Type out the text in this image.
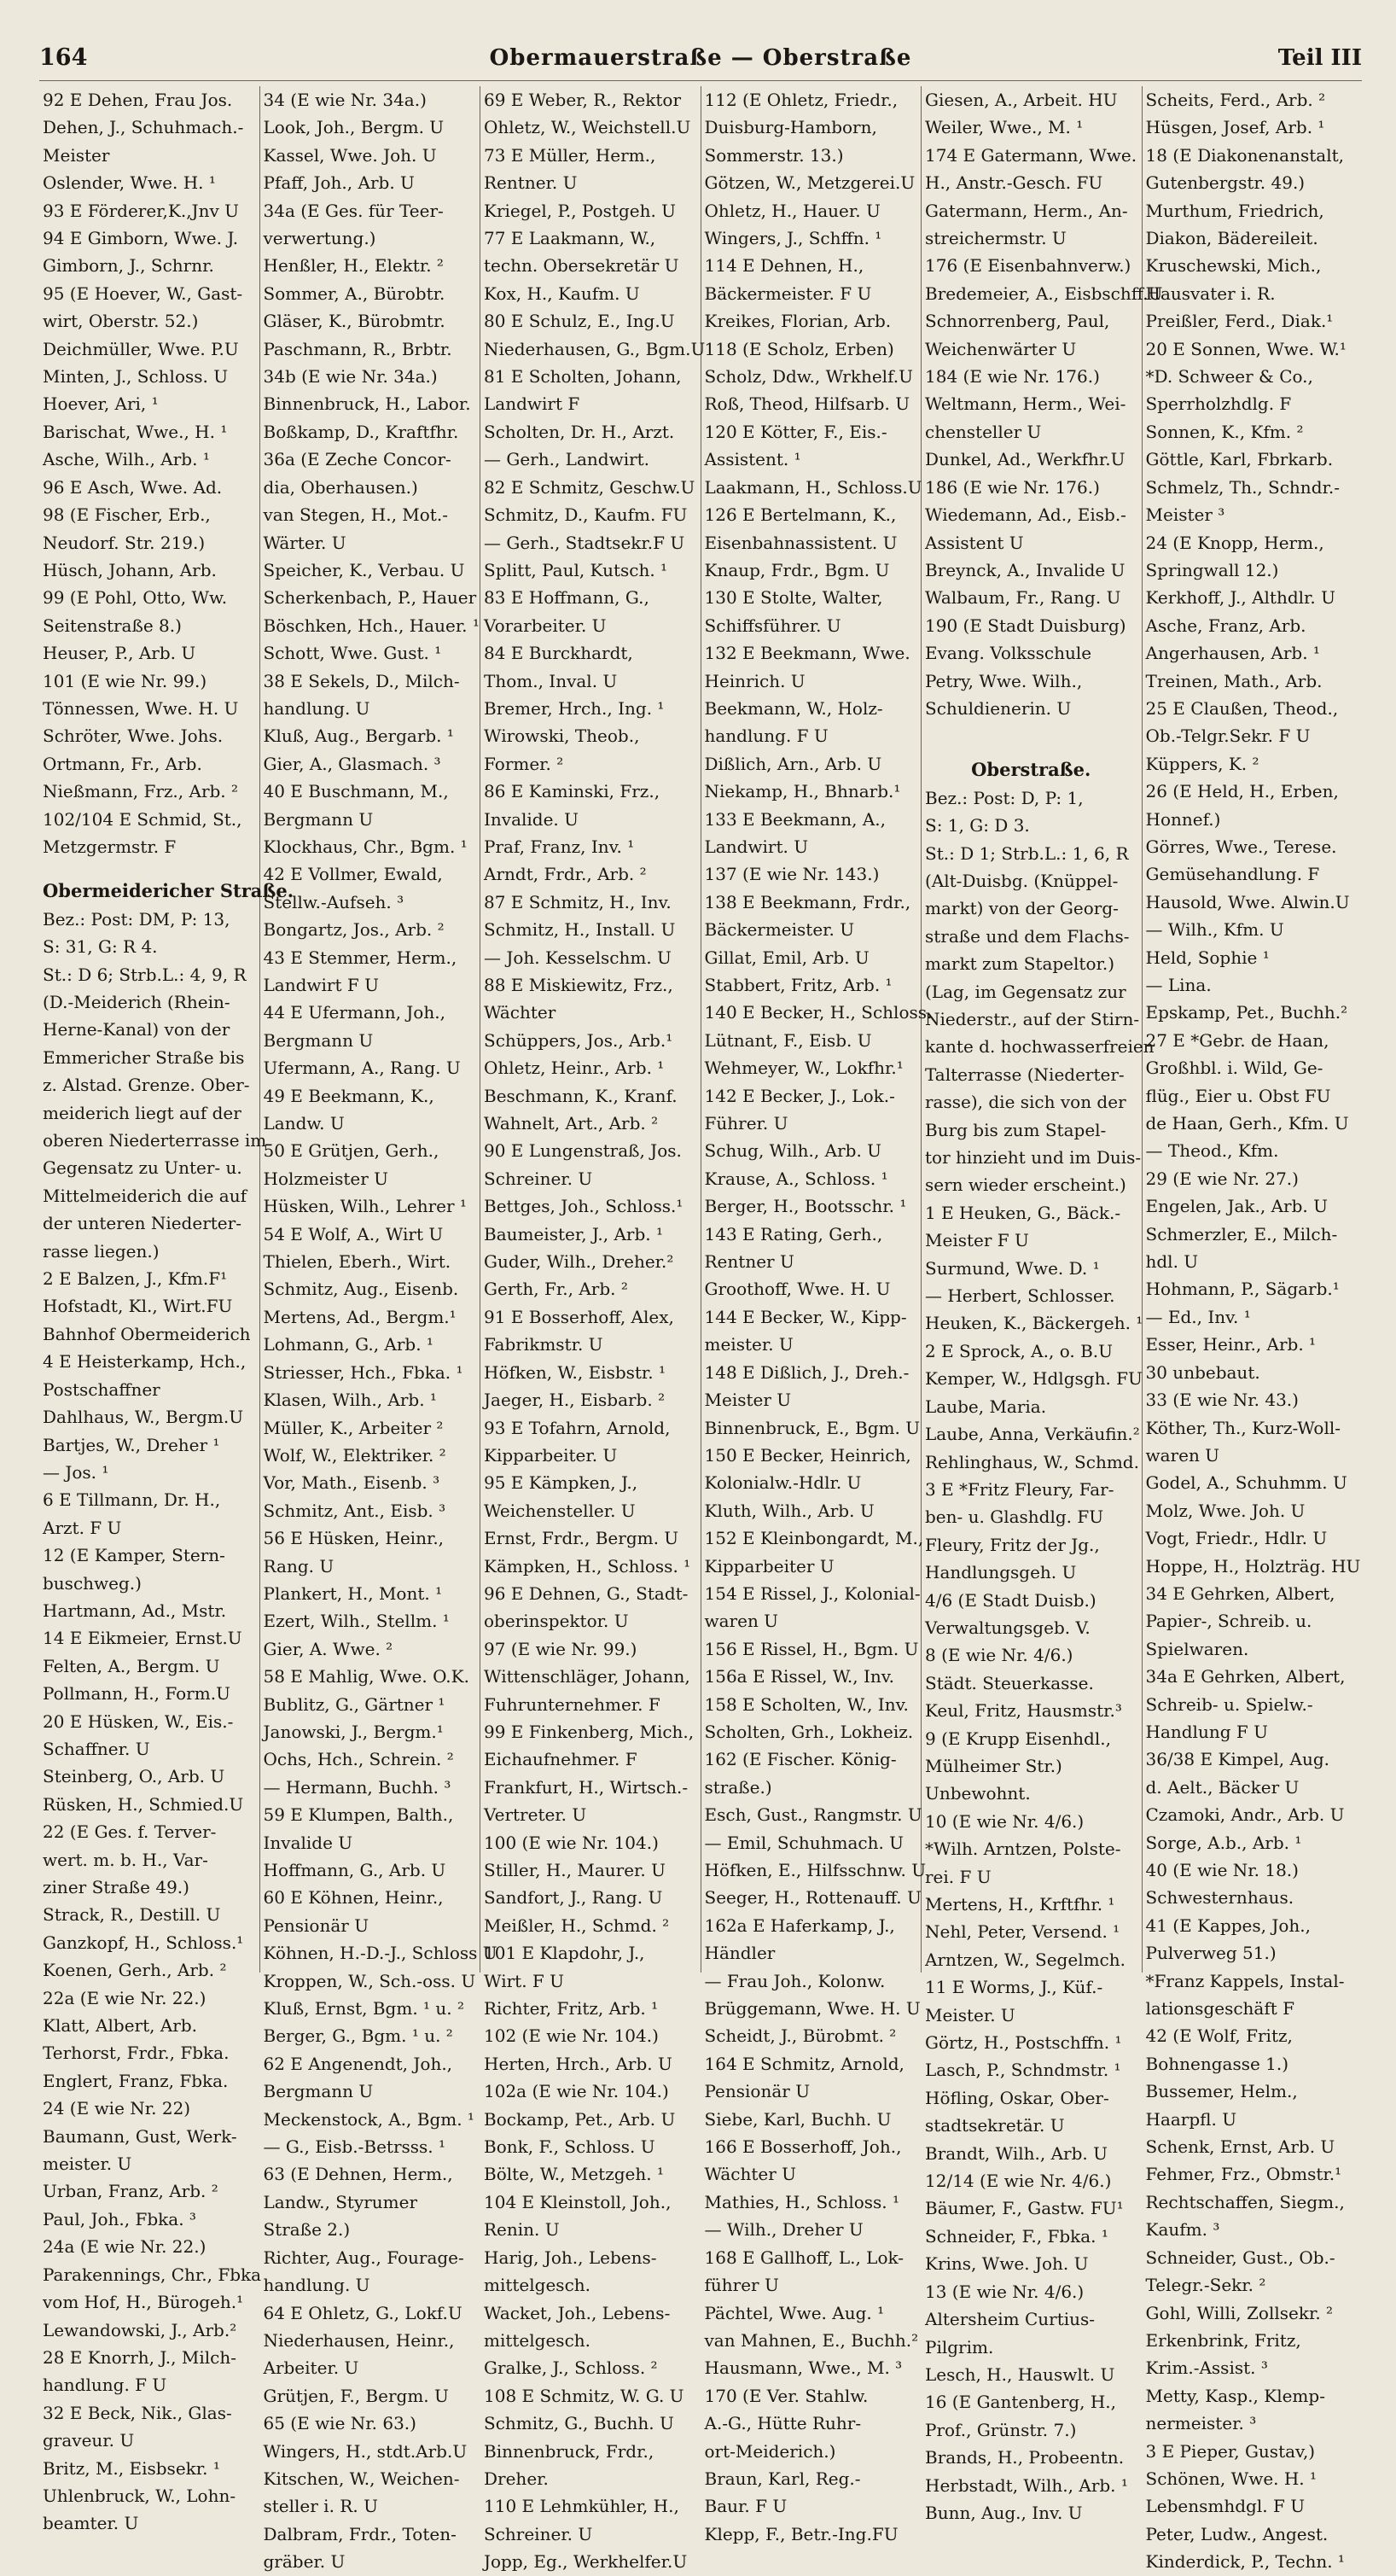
164	Obermauerstraße — Oberstraße	Teil III
92 E Dehen, Frau Jos.
Dehen, J., Schuhmach.-
Meister
Oslender, Wwe. H. ¹
93 E Förderer,K.,Jnv U
94 E Gimborn, Wwe. J.
Gimborn, J., Schrnr.
95 (E Hoever, W., Gast-
wirt, Oberstr. 52.)
Deichmüller, Wwe. P.U
Minten, J., Schloss. U
Hoever, Ari, ¹
Barischat, Wwe., H. ¹
Asche, Wilh., Arb. ¹
96 E Asch, Wwe. Ad.
98 (E Fischer, Erb.,
Neudorf. Str. 219.)
Hüsch, Johann, Arb.
99 (E Pohl, Otto, Ww.
Seitenstraße 8.)
Heuser, P., Arb. U
101 (E wie Nr. 99.)
Tönnessen, Wwe. H. U
Schröter, Wwe. Johs.
Ortmann, Fr., Arb.
Nießmann, Frz., Arb. ²
102/104 E Schmid, St.,
Metzgermstr. F
Obermeidericher Straße.
Bez.: Post: DM, P: 13,
S: 31, G: R 4.
St.: D 6; Strb.L.: 4, 9, R
(D.-Meiderich (Rhein-
Herne-Kanal) von der
Emmericher Straße bis
z. Alstad. Grenze. Ober-
meiderich liegt auf der
oberen Niederterrasse im
Gegensatz zu Unter- u.
Mittelmeiderich die auf
der unteren Niederter-
rasse liegen.)
2 E Balzen, J., Kfm.F¹
Hofstadt, Kl., Wirt.FU
Bahnhof Obermeiderich
4 E Heisterkamp, Hch.,
Postschaffner
Dahlhaus, W., Bergm.U
Bartjes, W., Dreher ¹
— Jos. ¹
6 E Tillmann, Dr. H.,
Arzt. F U
12 (E Kamper, Stern-
buschweg.)
Hartmann, Ad., Mstr.
14 E Eikmeier, Ernst.U
Felten, A., Bergm. U
Pollmann, H., Form.U
20 E Hüsken, W., Eis.-
Schaffner. U
Steinberg, O., Arb. U
Rüsken, H., Schmied.U
22 (E Ges. f. Terver-
wert. m. b. H., Var-
ziner Straße 49.)
Strack, R., Destill. U
Ganzkopf, H., Schloss.¹
Koenen, Gerh., Arb. ²
22a (E wie Nr. 22.)
Klatt, Albert, Arb.
Terhorst, Frdr., Fbka.
Englert, Franz, Fbka.
24 (E wie Nr. 22)
Baumann, Gust, Werk-
meister. U
Urban, Franz, Arb. ²
Paul, Joh., Fbka. ³
24a (E wie Nr. 22.)
Parakennings, Chr., Fbka
vom Hof, H., Bürogeh.¹
Lewandowski, J., Arb.²
28 E Knorrh, J., Milch-
handlung. F U
32 E Beck, Nik., Glas-
graveur. U
Britz, M., Eisbsekr. ¹
Uhlenbruck, W., Lohn-
beamter. U
34 (E wie Nr. 34a.)
Look, Joh., Bergm. U
Kassel, Wwe. Joh. U
Pfaff, Joh., Arb. U
34a (E Ges. für Teer-
verwertung.)
Henßler, H., Elektr. ²
Sommer, A., Bürobtr.
Gläser, K., Bürobmtr.
Paschmann, R., Brbtr.
34b (E wie Nr. 34a.)
Binnenbruck, H., Labor.
Boßkamp, D., Kraftfhr.
36a (E Zeche Concor-
dia, Oberhausen.)
van Stegen, H., Mot.-
Wärter. U
Speicher, K., Verbau. U
Scherkenbach, P., Hauer
Böschken, Hch., Hauer. ¹
Schott, Wwe. Gust. ¹
38 E Sekels, D., Milch-
handlung. U
Kluß, Aug., Bergarb. ¹
Gier, A., Glasmach. ³
40 E Buschmann, M.,
Bergmann U
Klockhaus, Chr., Bgm. ¹
42 E Vollmer, Ewald,
Stellw.-Aufseh. ³
Bongartz, Jos., Arb. ²
43 E Stemmer, Herm.,
Landwirt F U
44 E Ufermann, Joh.,
Bergmann U
Ufermann, A., Rang. U
49 E Beekmann, K.,
Landw. U
50 E Grütjen, Gerh.,
Holzmeister U
Hüsken, Wilh., Lehrer ¹
54 E Wolf, A., Wirt U
Thielen, Eberh., Wirt.
Schmitz, Aug., Eisenb.
Mertens, Ad., Bergm.¹
Lohmann, G., Arb. ¹
Striesser, Hch., Fbka. ¹
Klasen, Wilh., Arb. ¹
Müller, K., Arbeiter ²
Wolf, W., Elektriker. ²
Vor, Math., Eisenb. ³
Schmitz, Ant., Eisb. ³
56 E Hüsken, Heinr.,
Rang. U
Plankert, H., Mont. ¹
Ezert, Wilh., Stellm. ¹
Gier, A. Wwe. ²
58 E Mahlig, Wwe. O.K.
Bublitz, G., Gärtner ¹
Janowski, J., Bergm.¹
Ochs, Hch., Schrein. ²
— Hermann, Buchh. ³
59 E Klumpen, Balth.,
Invalide U
Hoffmann, G., Arb. U
60 E Köhnen, Heinr.,
Pensionär U
Köhnen, H.-D.-J., Schloss U
Kroppen, W., Sch.-oss. U
Kluß, Ernst, Bgm. ¹ u. ²
Berger, G., Bgm. ¹ u. ²
62 E Angenendt, Joh.,
Bergmann U
Meckenstock, A., Bgm. ¹
— G., Eisb.-Betrsss. ¹
63 (E Dehnen, Herm.,
Landw., Styrumer
Straße 2.)
Richter, Aug., Fourage-
handlung. U
64 E Ohletz, G., Lokf.U
Niederhausen, Heinr.,
Arbeiter. U
Grütjen, F., Bergm. U
65 (E wie Nr. 63.)
Wingers, H., stdt.Arb.U
Kitschen, W., Weichen-
steller i. R. U
Dalbram, Frdr., Toten-
gräber. U
69 E Weber, R., Rektor
Ohletz, W., Weichstell.U
73 E Müller, Herm.,
Rentner. U
Kriegel, P., Postgeh. U
77 E Laakmann, W.,
techn. Obersekretär U
Kox, H., Kaufm. U
80 E Schulz, E., Ing.U
Niederhausen, G., Bgm.U
81 E Scholten, Johann,
Landwirt F
Scholten, Dr. H., Arzt.
— Gerh., Landwirt.
82 E Schmitz, Geschw.U
Schmitz, D., Kaufm. FU
— Gerh., Stadtsekr.F U
Splitt, Paul, Kutsch. ¹
83 E Hoffmann, G.,
Vorarbeiter. U
84 E Burckhardt,
Thom., Inval. U
Bremer, Hrch., Ing. ¹
Wirowski, Theob.,
Former. ²
86 E Kaminski, Frz.,
Invalide. U
Praf, Franz, Inv. ¹
Arndt, Frdr., Arb. ²
87 E Schmitz, H., Inv.
Schmitz, H., Install. U
— Joh. Kesselschm. U
88 E Miskiewitz, Frz.,
Wächter
Schüppers, Jos., Arb.¹
Ohletz, Heinr., Arb. ¹
Beschmann, K., Kranf.
Wahnelt, Art., Arb. ²
90 E Lungenstraß, Jos.
Schreiner. U
Bettges, Joh., Schloss.¹
Baumeister, J., Arb. ¹
Guder, Wilh., Dreher.²
Gerth, Fr., Arb. ²
91 E Bosserhoff, Alex,
Fabrikmstr. U
Höfken, W., Eisbstr. ¹
Jaeger, H., Eisbarb. ²
93 E Tofahrn, Arnold,
Kipparbeiter. U
95 E Kämpken, J.,
Weichensteller. U
Ernst, Frdr., Bergm. U
Kämpken, H., Schloss. ¹
96 E Dehnen, G., Stadt-
oberinspektor. U
97 (E wie Nr. 99.)
Wittenschläger, Johann,
Fuhrunternehmer. F
99 E Finkenberg, Mich.,
Eichaufnehmer. F
Frankfurt, H., Wirtsch.-
Vertreter. U
100 (E wie Nr. 104.)
Stiller, H., Maurer. U
Sandfort, J., Rang. U
Meißler, H., Schmd. ²
101 E Klapdohr, J.,
Wirt. F U
Richter, Fritz, Arb. ¹
102 (E wie Nr. 104.)
Herten, Hrch., Arb. U
102a (E wie Nr. 104.)
Bockamp, Pet., Arb. U
Bonk, F., Schloss. U
Bölte, W., Metzgeh. ¹
104 E Kleinstoll, Joh.,
Renin. U
Harig, Joh., Lebens-
mittelgesch.
Wacket, Joh., Lebens-
mittelgesch.
Gralke, J., Schloss. ²
108 E Schmitz, W. G. U
Schmitz, G., Buchh. U
Binnenbruck, Frdr.,
Dreher.
110 E Lehmkühler, H.,
Schreiner. U
Jopp, Eg., Werkhelfer.U
112 (E Ohletz, Friedr.,
Duisburg-Hamborn,
Sommerstr. 13.)
Götzen, W., Metzgerei.U
Ohletz, H., Hauer. U
Wingers, J., Schffn. ¹
114 E Dehnen, H.,
Bäckermeister. F U
Kreikes, Florian, Arb.
118 (E Scholz, Erben)
Scholz, Ddw., Wrkhelf.U
Roß, Theod, Hilfsarb. U
120 E Kötter, F., Eis.-
Assistent. ¹
Laakmann, H., Schloss.U
126 E Bertelmann, K.,
Eisenbahnassistent. U
Knaup, Frdr., Bgm. U
130 E Stolte, Walter,
Schiffsführer. U
132 E Beekmann, Wwe.
Heinrich. U
Beekmann, W., Holz-
handlung. F U
Dißlich, Arn., Arb. U
Niekamp, H., Bhnarb.¹
133 E Beekmann, A.,
Landwirt. U
137 (E wie Nr. 143.)
138 E Beekmann, Frdr.,
Bäckermeister. U
Gillat, Emil, Arb. U
Stabbert, Fritz, Arb. ¹
140 E Becker, H., Schloss.
Lütnant, F., Eisb. U
Wehmeyer, W., Lokfhr.¹
142 E Becker, J., Lok.-
Führer. U
Schug, Wilh., Arb. U
Krause, A., Schloss. ¹
Berger, H., Bootsschr. ¹
143 E Rating, Gerh.,
Rentner U
Groothoff, Wwe. H. U
144 E Becker, W., Kipp-
meister. U
148 E Dißlich, J., Dreh.-
Meister U
Binnenbruck, E., Bgm. U
150 E Becker, Heinrich,
Kolonialw.-Hdlr. U
Kluth, Wilh., Arb. U
152 E Kleinbongardt, M.,
Kipparbeiter U
154 E Rissel, J., Kolonial-
waren U
156 E Rissel, H., Bgm. U
156a E Rissel, W., Inv.
158 E Scholten, W., Inv.
Scholten, Grh., Lokheiz.
162 (E Fischer. König-
straße.)
Esch, Gust., Rangmstr. U
— Emil, Schuhmach. U
Höfken, E., Hilfsschnw. U
Seeger, H., Rottenauff. U
162a E Haferkamp, J.,
Händler
— Frau Joh., Kolonw.
Brüggemann, Wwe. H. U
Scheidt, J., Bürobmt. ²
164 E Schmitz, Arnold,
Pensionär U
Siebe, Karl, Buchh. U
166 E Bosserhoff, Joh.,
Wächter U
Mathies, H., Schloss. ¹
— Wilh., Dreher U
168 E Gallhoff, L., Lok-
führer U
Pächtel, Wwe. Aug. ¹
van Mahnen, E., Buchh.²
Hausmann, Wwe., M. ³
170 (E Ver. Stahlw.
A.-G., Hütte Ruhr-
ort-Meiderich.)
Braun, Karl, Reg.-
Baur. F U
Klepp, F., Betr.-Ing.FU
Giesen, A., Arbeit. HU
Weiler, Wwe., M. ¹
174 E Gatermann, Wwe.
H., Anstr.-Gesch. FU
Gatermann, Herm., An-
streichermstr. U
176 (E Eisenbahnverw.)
Bredemeier, A., Eisbschff.U
Schnorrenberg, Paul,
Weichenwärter U
184 (E wie Nr. 176.)
Weltmann, Herm., Wei-
chensteller U
Dunkel, Ad., Werkfhr.U
186 (E wie Nr. 176.)
Wiedemann, Ad., Eisb.-
Assistent U
Breynck, A., Invalide U
Walbaum, Fr., Rang. U
190 (E Stadt Duisburg)
Evang. Volksschule
Petry, Wwe. Wilh.,
Schuldienerin. U
Oberstraße.
Bez.: Post: D, P: 1,
S: 1, G: D 3.
St.: D 1; Strb.L.: 1, 6, R
(Alt-Duisbg. (Knüppel-
markt) von der Georg-
straße und dem Flachs-
markt zum Stapeltor.)
(Lag, im Gegensatz zur
Niederstr., auf der Stirn-
kante d. hochwasserfreien
Talterrasse (Niederter-
rasse), die sich von der
Burg bis zum Stapel-
tor hinzieht und im Duis-
sern wieder erscheint.)
1 E Heuken, G., Bäck.-
Meister F U
Surmund, Wwe. D. ¹
— Herbert, Schlosser.
Heuken, K., Bäckergeh. ¹
2 E Sprock, A., o. B.U
Kemper, W., Hdlgsgh. FU
Laube, Maria.
Laube, Anna, Verkäufin.²
Rehlinghaus, W., Schmd.
3 E *Fritz Fleury, Far-
ben- u. Glashdlg. FU
Fleury, Fritz der Jg.,
Handlungsgeh. U
4/6 (E Stadt Duisb.)
Verwaltungsgeb. V.
8 (E wie Nr. 4/6.)
Städt. Steuerkasse.
Keul, Fritz, Hausmstr.³
9 (E Krupp Eisenhdl.,
Mülheimer Str.)
Unbewohnt.
10 (E wie Nr. 4/6.)
*Wilh. Arntzen, Polste-
rei. F U
Mertens, H., Krftfhr. ¹
Nehl, Peter, Versend. ¹
Arntzen, W., Segelmch.
11 E Worms, J., Küf.-
Meister. U
Görtz, H., Postschffn. ¹
Lasch, P., Schndmstr. ¹
Höfling, Oskar, Ober-
stadtsekretär. U
Brandt, Wilh., Arb. U
12/14 (E wie Nr. 4/6.)
Bäumer, F., Gastw. FU¹
Schneider, F., Fbka. ¹
Krins, Wwe. Joh. U
13 (E wie Nr. 4/6.)
Altersheim Curtius-
Pilgrim.
Lesch, H., Hauswlt. U
16 (E Gantenberg, H.,
Prof., Grünstr. 7.)
Brands, H., Probeentn.
Herbstadt, Wilh., Arb. ¹
Bunn, Aug., Inv. U
Scheits, Ferd., Arb. ²
Hüsgen, Josef, Arb. ¹
18 (E Diakonenanstalt,
Gutenbergstr. 49.)
Murthum, Friedrich,
Diakon, Bädereileit.
Kruschewski, Mich.,
Hausvater i. R.
Preißler, Ferd., Diak.¹
20 E Sonnen, Wwe. W.¹
*D. Schweer & Co.,
Sperrholzhdlg. F
Sonnen, K., Kfm. ²
Göttle, Karl, Fbrkarb.
Schmelz, Th., Schndr.-
Meister ³
24 (E Knopp, Herm.,
Springwall 12.)
Kerkhoff, J., Althdlr. U
Asche, Franz, Arb.
Angerhausen, Arb. ¹
Treinen, Math., Arb.
25 E Claußen, Theod.,
Ob.-Telgr.Sekr. F U
Küppers, K. ²
26 (E Held, H., Erben,
Honnef.)
Görres, Wwe., Terese.
Gemüsehandlung. F
Hausold, Wwe. Alwin.U
— Wilh., Kfm. U
Held, Sophie ¹
— Lina.
Epskamp, Pet., Buchh.²
27 E *Gebr. de Haan,
Großhbl. i. Wild, Ge-
flüg., Eier u. Obst FU
de Haan, Gerh., Kfm. U
— Theod., Kfm.
29 (E wie Nr. 27.)
Engelen, Jak., Arb. U
Schmerzler, E., Milch-
hdl. U
Hohmann, P., Sägarb.¹
— Ed., Inv. ¹
Esser, Heinr., Arb. ¹
30 unbebaut.
33 (E wie Nr. 43.)
Köther, Th., Kurz-Woll-
waren U
Godel, A., Schuhmm. U
Molz, Wwe. Joh. U
Vogt, Friedr., Hdlr. U
Hoppe, H., Holzträg. HU
34 E Gehrken, Albert,
Papier-, Schreib. u.
Spielwaren.
34a E Gehrken, Albert,
Schreib- u. Spielw.-
Handlung F U
36/38 E Kimpel, Aug.
d. Aelt., Bäcker U
Czamoki, Andr., Arb. U
Sorge, A.b., Arb. ¹
40 (E wie Nr. 18.)
Schwesternhaus.
41 (E Kappes, Joh.,
Pulverweg 51.)
*Franz Kappels, Instal-
lationsgeschäft F
42 (E Wolf, Fritz,
Bohnengasse 1.)
Bussemer, Helm.,
Haarpfl. U
Schenk, Ernst, Arb. U
Fehmer, Frz., Obmstr.¹
Rechtschaffen, Siegm.,
Kaufm. ³
Schneider, Gust., Ob.-
Telegr.-Sekr. ²
Gohl, Willi, Zollsekr. ²
Erkenbrink, Fritz,
Krim.-Assist. ³
Metty, Kasp., Klemp-
nermeister. ³
3 E Pieper, Gustav,)
Schönen, Wwe. H. ¹
Lebensmhdgl. F U
Peter, Ludw., Angest.
Kinderdick, P., Techn. ¹
